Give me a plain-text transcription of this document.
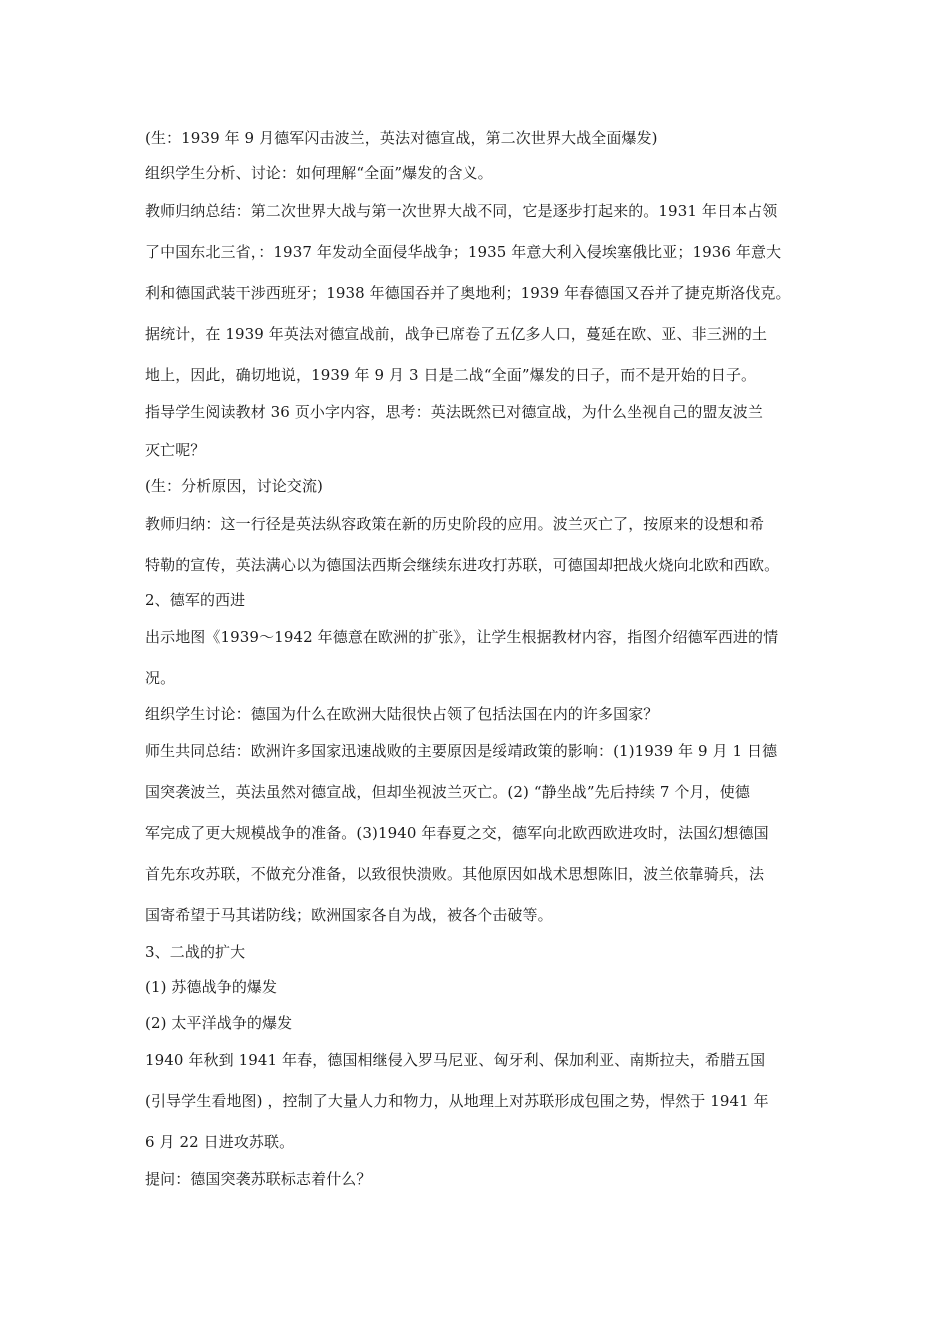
(生：1939 年 9 月德军闪击波兰，英法对德宣战，第二次世界大战全面爆发)
组织学生分析、讨论：如何理解“全面”爆发的含义。
教师归纳总结：第二次世界大战与第一次世界大战不同，它是逐步打起来的。1931 年日本占领
了中国东北三省，：1937 年发动全面侵华战争；1935 年意大利入侵埃塞俄比亚；1936 年意大
利和德国武装干涉西班牙；1938 年德国吞并了奥地利；1939 年春德国又吞并了捷克斯洛伐克。
据统计，在 1939 年英法对德宣战前，战争已席卷了五亿多人口，蔓延在欧、亚、非三洲的土
地上，因此，确切地说，1939 年 9 月 3 日是二战“全面”爆发的日子，而不是开始的日子。
指导学生阅读教材 36 页小字内容，思考：英法既然已对德宣战，为什么坐视自己的盟友波兰
灭亡呢？
(生：分析原因，讨论交流)
教师归纳：这一行径是英法纵容政策在新的历史阶段的应用。波兰灭亡了，按原来的设想和希
特勒的宣传，英法满心以为德国法西斯会继续东进攻打苏联，可德国却把战火烧向北欧和西欧。
2、德军的西进
出示地图《1939～1942 年德意在欧洲的扩张》，让学生根据教材内容，指图介绍德军西进的情
况。
组织学生讨论：德国为什么在欧洲大陆很快占领了包括法国在内的许多国家？
师生共同总结：欧洲许多国家迅速战败的主要原因是绥靖政策的影响：(1)1939 年 9 月 1 日德
国突袭波兰，英法虽然对德宣战，但却坐视波兰灭亡。(2) “静坐战”先后持续 7 个月，使德
军完成了更大规模战争的准备。(3)1940 年春夏之交，德军向北欧西欧进攻时，法国幻想德国
首先东攻苏联，不做充分准备，以致很快溃败。其他原因如战术思想陈旧，波兰依靠骑兵，法
国寄希望于马其诺防线；欧洲国家各自为战，被各个击破等。
3、二战的扩大
(1) 苏德战争的爆发
(2) 太平洋战争的爆发
1940 年秋到 1941 年春，德国相继侵入罗马尼亚、匈牙利、保加利亚、南斯拉夫，希腊五国
(引导学生看地图) ，控制了大量人力和物力，从地理上对苏联形成包围之势，悍然于 1941 年
6 月 22 日进攻苏联。
提问：德国突袭苏联标志着什么？
